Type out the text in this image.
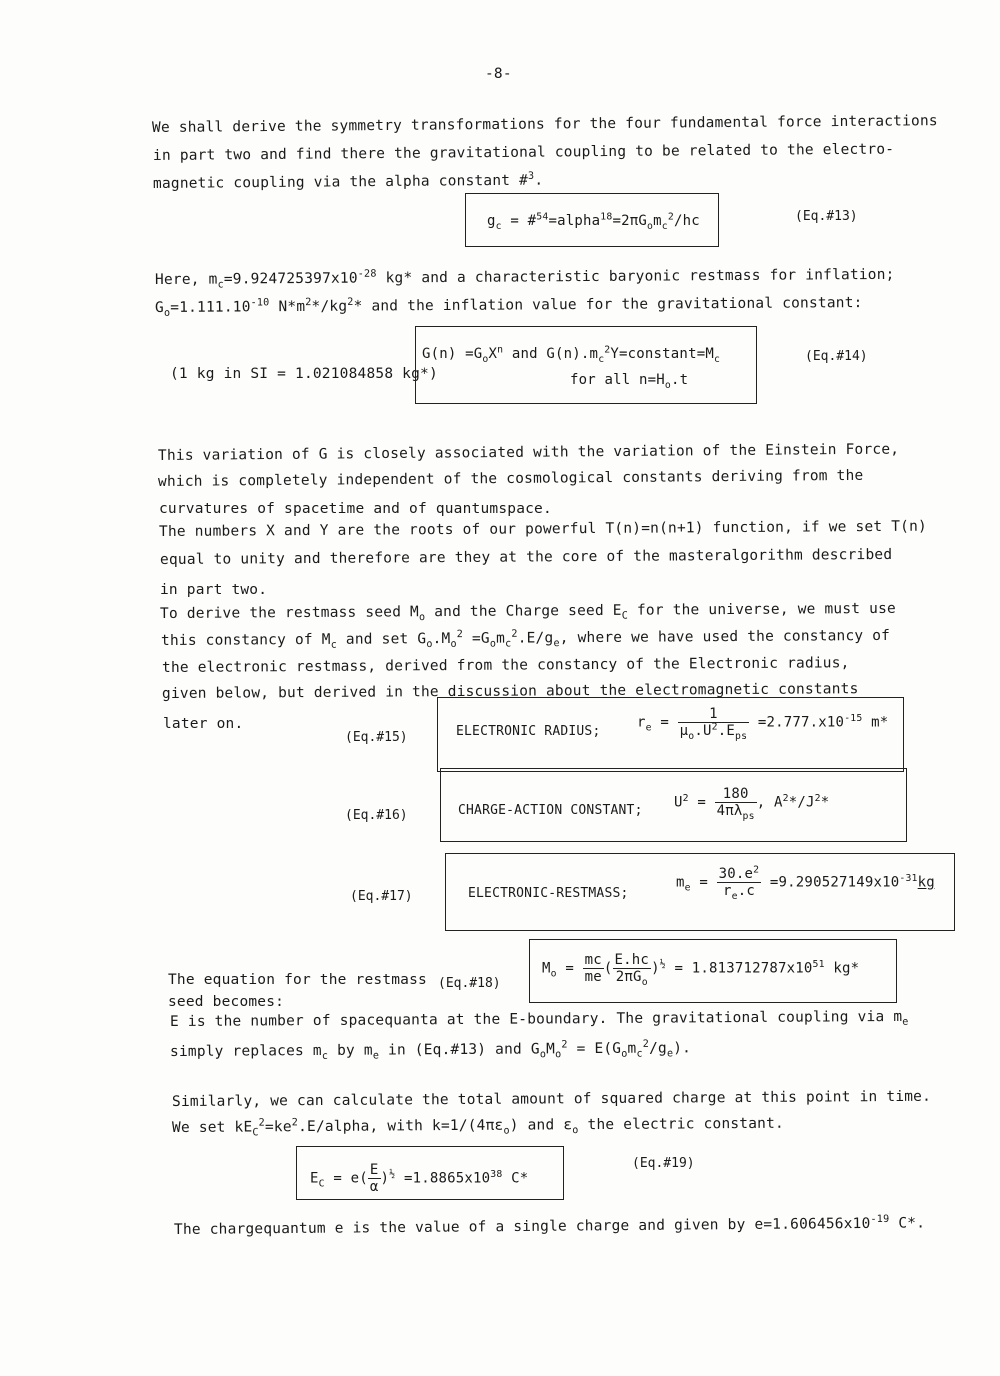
-8-
We shall derive the symmetry transformations for the four fundamental force interactions
in part two and find there the gravitational coupling to be related to the electro-
magnetic coupling via the alpha constant #$^3$.
$g_c$ = $\#^{54}=alpha^{18}=2\pi G_om_c^2/hc$	(Eq.#13)
Here, $m_c=9.924725397x10^{-28}$ kg* and a characteristic baryonic restmass for inflation;
$G_o=1.111.10^{-10}$ $N*m^2*/kg^2*$ and the inflation value for the gravitational constant:
(1 kg in SI = 1.021084858 kg*)
$G(n) =G_oX^n$ and $G(n).m_c^2Y=constant=M_c$
for all $n=H_o.t$
(Eq.#14)
This variation of G is closely associated with the variation of the Einstein Force,
which is completely independent of the cosmological constants deriving from the
curvatures of spacetime and of quantumspace.
The numbers X and Y are the roots of our powerful T(n)=n(n+1) function, if we set T(n)
equal to unity and therefore are they at the core of the masteralgorithm described
in part two.
To derive the restmass seed $M_o$ and the Charge seed $E_C$ for the universe, we must use
this constancy of $M_c$ and set $G_o.M_o^2 =G_om_c^2.E/g_e$, where we have used the constancy of
the electronic restmass, derived from the constancy of the Electronic radius,
given below, but derived in the discussion about the electromagnetic constants
later on.
(Eq.#15)	ELECTRONIC RADIUS;
$r_e = \frac{1}{\mu_o.U^2.E_{ps}} =2.777.x10^{-15}$ m*
(Eq.#16)	CHARGE-ACTION CONSTANT; $U^2 = \frac{180}{4\pi\lambda_{ps}}$ , $A^2*/J^2*$
(Eq.#17)	ELECTRONIC-RESTMASS;
$m_e = \frac{30.e^2}{r_e.c} =9.290527149x10^{-31}kg$
The equation for the restmass
seed becomes:
(Eq.#18)
$M_o = \frac{mc}{me}$ ( $\frac{E.hc}{2\pi G_o} )^{\frac{1}{2}} = 1.813712787x10^{51}$ kg*
E is the number of spacequanta at the E-boundary. The gravitational coupling via $m_e$
simply replaces $m_c$ by $m_e$ in (Eq.#13) and $G_oM_o^2 = E(G_om_c^2/g_e)$.
Similarly, we can calculate the total amount of squared charge at this point in time.
We set $kE_C^2=ke^2.E$/alpha, with $k=1/(4\pi\varepsilon_o)$ and $\varepsilon_o$ the electric constant.
$E_C = e( \frac{E}{\alpha} )^{\frac{1}{2}} =1.8865x10^{38}$ C*
(Eq.#19)
The chargequantum e is the value of a single charge and given by $e=1.606456x10^{-19}$ C*.
